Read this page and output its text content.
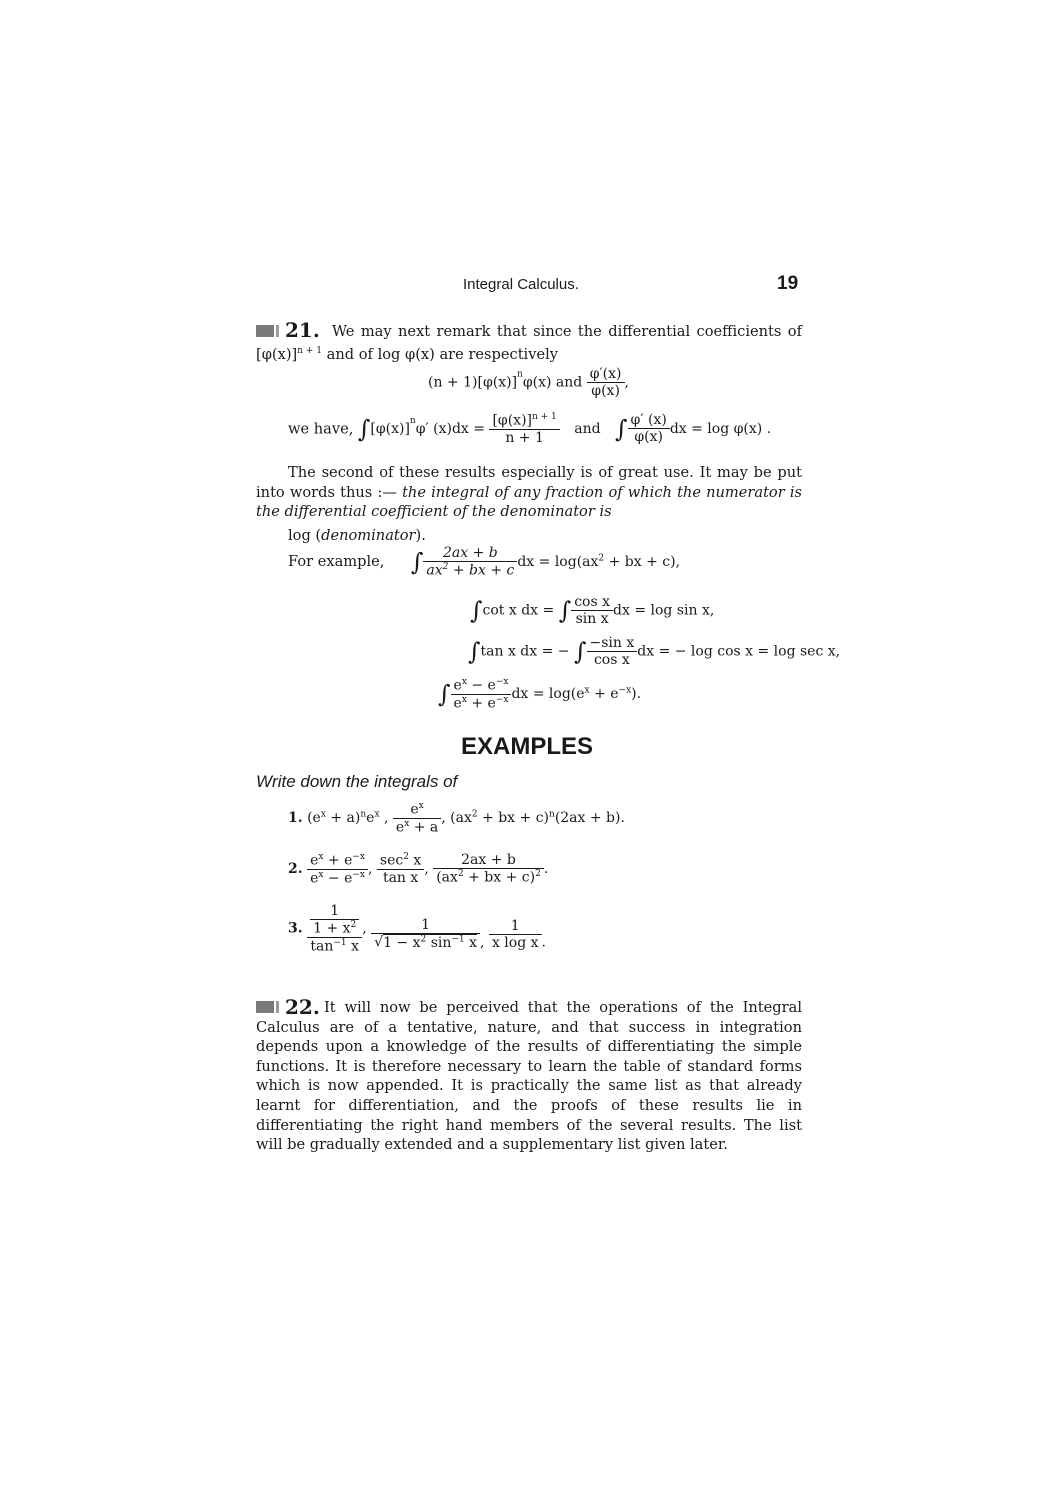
Integral Calculus.	19
21. We may next remark that since the differential coefficients of
$[\varphi(x)]^{n + 1}$ and of log φ(x) are respectively
$(n + 1)[\varphi(x)]^n\varphi(x)$ and $\frac{\varphi'(x)}{\varphi(x)}$ ,
we have, $\int[\varphi(x)]^n\varphi'$ $(x)dx = \frac{[\varphi(x)]^{n + 1}}{n + 1}$ and ∫ $\frac{\varphi' (x)}{\varphi(x)}$ dx = log φ(x) .
The second of these results especially is of great use. It may be put into words thus :— the integral of any fraction of which the numerator is the differential coefficient of the denominator is
log (denominator).
For example, ∫ $\frac{2ax + b}{ax^2 + bx + c}$ dx = $\log(ax^2$ + bx + c),
∫cot x dx = ∫ $\frac{\text{cos x}}{\text{sin x}}$ dx = log sin x,
∫tan x dx = − ∫ $\frac{\text{−sin x}}{\text{cos x}}$ dx = − log cos x = log sec x,
∫ $\frac{e^x - e^{-x}}{e^x + e^{-x}}$ dx = $\log(e^x + e^{-x})$.
EXAMPLES
Write down the integrals of
1. $(e^x + a)^ne^x$ , $\frac{e^x}{e^x + a}$ , ($ax^2$ + bx + c)$^n$(2ax + b).
2. $\frac{e^x + e^{-x}}{e^x - e^{-x}}$ , $\frac{\sec^2 x}{\text{tan x}}$ , $\frac{2ax + b}{(ax^2 + bx + c)^2}$ .
3. $\frac{\frac{1}{1 + x^2}}{\tan^{-1} x}$ , $\frac{1}{√1 - x^2 \sin^{-1} x}$ , $\frac{1}{\text{x log x}}$ .
22. It will now be perceived that the operations of the Integral Calculus are of a tentative, nature, and that success in integration depends upon a knowledge of the results of differentiating the simple functions. It is therefore necessary to learn the table of standard forms which is now appended. It is practically the same list as that already learnt for differentiation, and the proofs of these results lie in differentiating the right hand members of the several results. The list will be gradually extended and a supplementary list given later.
